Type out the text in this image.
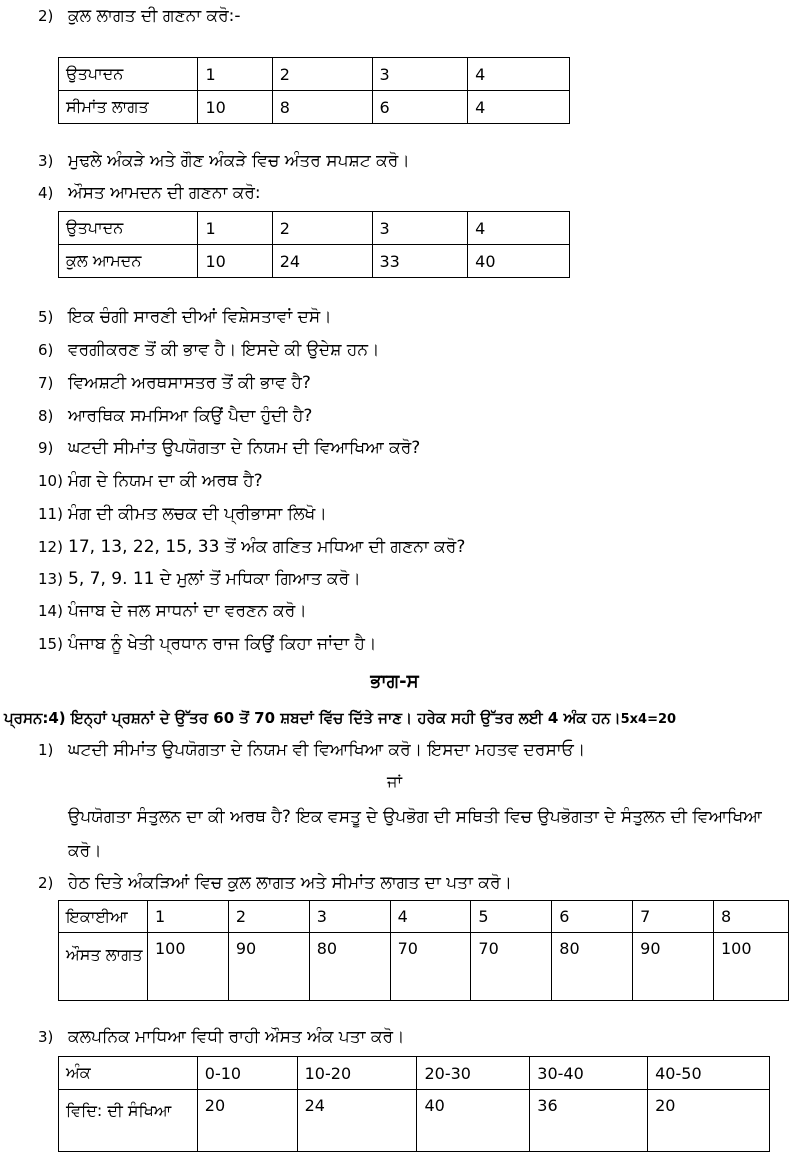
2) ਕੁਲ ਲਾਗਤ ਦੀ ਗਣਨਾ ਕਰੋ:-
ਉਤਪਾਦਨ	1	2	3	4
ਸੀਮਾਂਤ ਲਾਗਤ	10	8	6	4
3) ਮੁਢਲੇ ਅੰਕੜੇ ਅਤੇ ਗੌਣ ਅੰਕੜੇ ਵਿਚ ਅੰਤਰ ਸਪਸ਼ਟ ਕਰੋ।
4) ਔਸਤ ਆਮਦਨ ਦੀ ਗਣਨਾ ਕਰੋ:
ਉਤਪਾਦਨ	1	2	3	4
ਕੁਲ ਆਮਦਨ	10	24	33	40
5) ਇਕ ਚੰਗੀ ਸਾਰਣੀ ਦੀਆਂ ਵਿਸ਼ੇਸਤਾਵਾਂ ਦਸੋ।
6) ਵਰਗੀਕਰਣ ਤੋਂ ਕੀ ਭਾਵ ਹੈ। ਇਸਦੇ ਕੀ ਉਦੇਸ਼ ਹਨ।
7) ਵਿਅਸ਼ਟੀ ਅਰਥਸਾਸਤਰ ਤੋਂ ਕੀ ਭਾਵ ਹੈ?
8) ਆਰਥਿਕ ਸਮਸਿਆ ਕਿਉਂ ਪੈਦਾ ਹੁੰਦੀ ਹੈ?
9) ਘਟਦੀ ਸੀਮਾਂਤ ਉਪਯੋਗਤਾ ਦੇ ਨਿਯਮ ਦੀ ਵਿਆਖਿਆ ਕਰੋ?
10) ਮੰਗ ਦੇ ਨਿਯਮ ਦਾ ਕੀ ਅਰਥ ਹੈ?
11) ਮੰਗ ਦੀ ਕੀਮਤ ਲਚਕ ਦੀ ਪ੍ਰੀਭਾਸਾ ਲਿਖੋ।
12) 17, 13, 22, 15, 33 ਤੋਂ ਅੰਕ ਗਣਿਤ ਮਧਿਆ ਦੀ ਗਣਨਾ ਕਰੋ?
13) 5, 7, 9. 11 ਦੇ ਮੁਲਾਂ ਤੋਂ ਮਧਿਕਾ ਗਿਆਤ ਕਰੋ।
14) ਪੰਜਾਬ ਦੇ ਜਲ ਸਾਧਨਾਂ ਦਾ ਵਰਣਨ ਕਰੋ।
15) ਪੰਜਾਬ ਨੂੰ ਖੇਤੀ ਪ੍ਰਧਾਨ ਰਾਜ ਕਿਉਂ ਕਿਹਾ ਜਾਂਦਾ ਹੈ।
ਭਾਗ-ਸ
ਪ੍ਰਸਨ:4) ਇਨ੍ਹਾਂ ਪ੍ਰਸ਼ਨਾਂ ਦੇ ਉੱਤਰ 60 ਤੋਂ 70 ਸ਼ਬਦਾਂ ਵਿੱਚ ਦਿੱਤੇ ਜਾਣ। ਹਰੇਕ ਸਹੀ ਉੱਤਰ ਲਈ 4 ਅੰਕ ਹਨ।5x4=20
1) ਘਟਦੀ ਸੀਮਾਂਤ ਉਪਯੋਗਤਾ ਦੇ ਨਿਯਮ ਵੀ ਵਿਆਖਿਆ ਕਰੋ। ਇਸਦਾ ਮਹਤਵ ਦਰਸਾਓ।
ਜਾਂ
ਉਪਯੋਗਤਾ ਸੰਤੁਲਨ ਦਾ ਕੀ ਅਰਥ ਹੈ? ਇਕ ਵਸਤੂ ਦੇ ਉਪਭੋਗ ਦੀ ਸਥਿਤੀ ਵਿਚ ਉਪਭੋਗਤਾ ਦੇ ਸੰਤੁਲਨ ਦੀ ਵਿਆਖਿਆ ਕਰੋ।
2) ਹੇਠ ਦਿਤੇ ਅੰਕੜਿਆਂ ਵਿਚ ਕੁਲ ਲਾਗਤ ਅਤੇ ਸੀਮਾਂਤ ਲਾਗਤ ਦਾ ਪਤਾ ਕਰੋ।
ਇਕਾਈਆ	1	2	3	4	5	6	7	8
ਔਸਤ ਲਾਗਤ	100	90	80	70	70	80	90	100
3) ਕਲਪਨਿਕ ਮਾਧਿਆ ਵਿਧੀ ਰਾਹੀ ਔਸਤ ਅੰਕ ਪਤਾ ਕਰੋ।
ਅੰਕ	0-10	10-20	20-30	30-40	40-50
ਵਿਦਿ: ਦੀ ਸੰਖਿਆ	20	24	40	36	20
